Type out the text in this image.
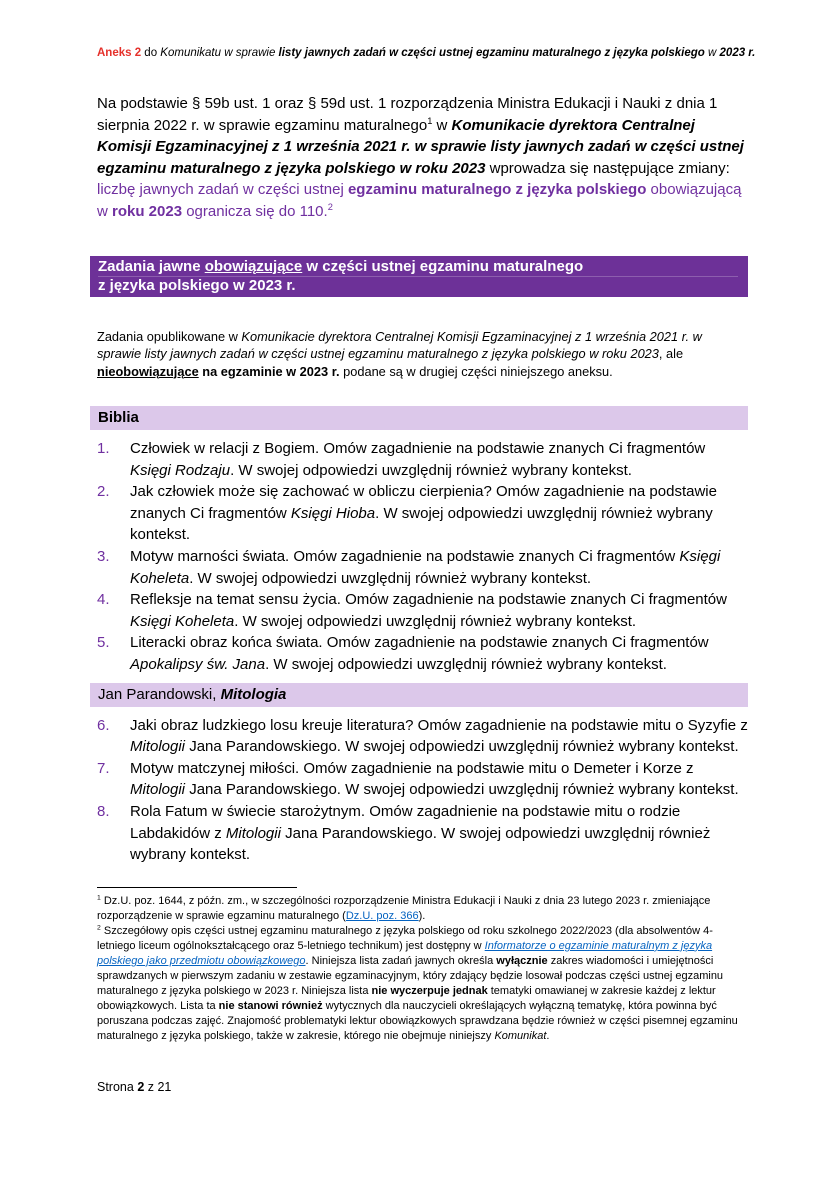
Aneks 2 do Komunikatu w sprawie listy jawnych zadań w części ustnej egzaminu maturalnego z języka polskiego w 2023 r.

Na podstawie § 59b ust. 1 oraz § 59d ust. 1 rozporządzenia Ministra Edukacji i Nauki z dnia 1 sierpnia 2022 r. w sprawie egzaminu maturalnego$^1$ w Komunikacie dyrektora Centralnej Komisji Egzaminacyjnej z 1 września 2021 r. w sprawie listy jawnych zadań w części ustnej egzaminu maturalnego z języka polskiego w roku 2023 wprowadza się następujące zmiany: liczbę jawnych zadań w części ustnej egzaminu maturalnego z języka polskiego obowiązującą w roku 2023 ogranicza się do 110.$^2$

Zadania jawne obowiązujące w części ustnej egzaminu maturalnego
z języka polskiego w 2023 r.

Zadania opublikowane w Komunikacie dyrektora Centralnej Komisji Egzaminacyjnej z 1 września 2021 r. w sprawie listy jawnych zadań w części ustnej egzaminu maturalnego z języka polskiego w roku 2023, ale nieobowiązujące na egzaminie w 2023 r. podane są w drugiej części niniejszego aneksu.

Biblia
1.	Człowiek w relacji z Bogiem. Omów zagadnienie na podstawie znanych Ci fragmentów Księgi Rodzaju. W swojej odpowiedzi uwzględnij również wybrany kontekst.
2.	Jak człowiek może się zachować w obliczu cierpienia? Omów zagadnienie na podstawie znanych Ci fragmentów Księgi Hioba. W swojej odpowiedzi uwzględnij również wybrany kontekst.
3.	Motyw marności świata. Omów zagadnienie na podstawie znanych Ci fragmentów Księgi Koheleta. W swojej odpowiedzi uwzględnij również wybrany kontekst.
4.	Refleksje na temat sensu życia. Omów zagadnienie na podstawie znanych Ci fragmentów Księgi Koheleta. W swojej odpowiedzi uwzględnij również wybrany kontekst.
5.	Literacki obraz końca świata. Omów zagadnienie na podstawie znanych Ci fragmentów Apokalipsy św. Jana. W swojej odpowiedzi uwzględnij również wybrany kontekst.
Jan Parandowski, Mitologia
6.	Jaki obraz ludzkiego losu kreuje literatura? Omów zagadnienie na podstawie mitu o Syzyfie z Mitologii Jana Parandowskiego. W swojej odpowiedzi uwzględnij również wybrany kontekst.
7.	Motyw matczynej miłości. Omów zagadnienie na podstawie mitu o Demeter i Korze z Mitologii Jana Parandowskiego. W swojej odpowiedzi uwzględnij również wybrany kontekst.
8.	Rola Fatum w świecie starożytnym. Omów zagadnienie na podstawie mitu o rodzie Labdakidów z Mitologii Jana Parandowskiego. W swojej odpowiedzi uwzględnij również wybrany kontekst.
$^1$ Dz.U. poz. 1644, z późn. zm., w szczególności rozporządzenie Ministra Edukacji i Nauki z dnia 23 lutego 2023 r. zmieniające rozporządzenie w sprawie egzaminu maturalnego (Dz.U. poz. 366).
$^2$ Szczegółowy opis części ustnej egzaminu maturalnego z języka polskiego od roku szkolnego 2022/2023 (dla absolwentów 4-letniego liceum ogólnokształcącego oraz 5-letniego technikum) jest dostępny w Informatorze o egzaminie maturalnym z języka polskiego jako przedmiotu obowiązkowego. Niniejsza lista zadań jawnych określa wyłącznie zakres wiadomości i umiejętności sprawdzanych w pierwszym zadaniu w zestawie egzaminacyjnym, który zdający będzie losował podczas części ustnej egzaminu maturalnego z języka polskiego w 2023 r. Niniejsza lista nie wyczerpuje jednak tematyki omawianej w zakresie każdej z lektur obowiązkowych. Lista ta nie stanowi również wytycznych dla nauczycieli określających wyłączną tematykę, która powinna być poruszana podczas zajęć. Znajomość problematyki lektur obowiązkowych sprawdzana będzie również w części pisemnej egzaminu maturalnego z języka polskiego, także w zakresie, którego nie obejmuje niniejszy Komunikat.
Strona 2 z 21
